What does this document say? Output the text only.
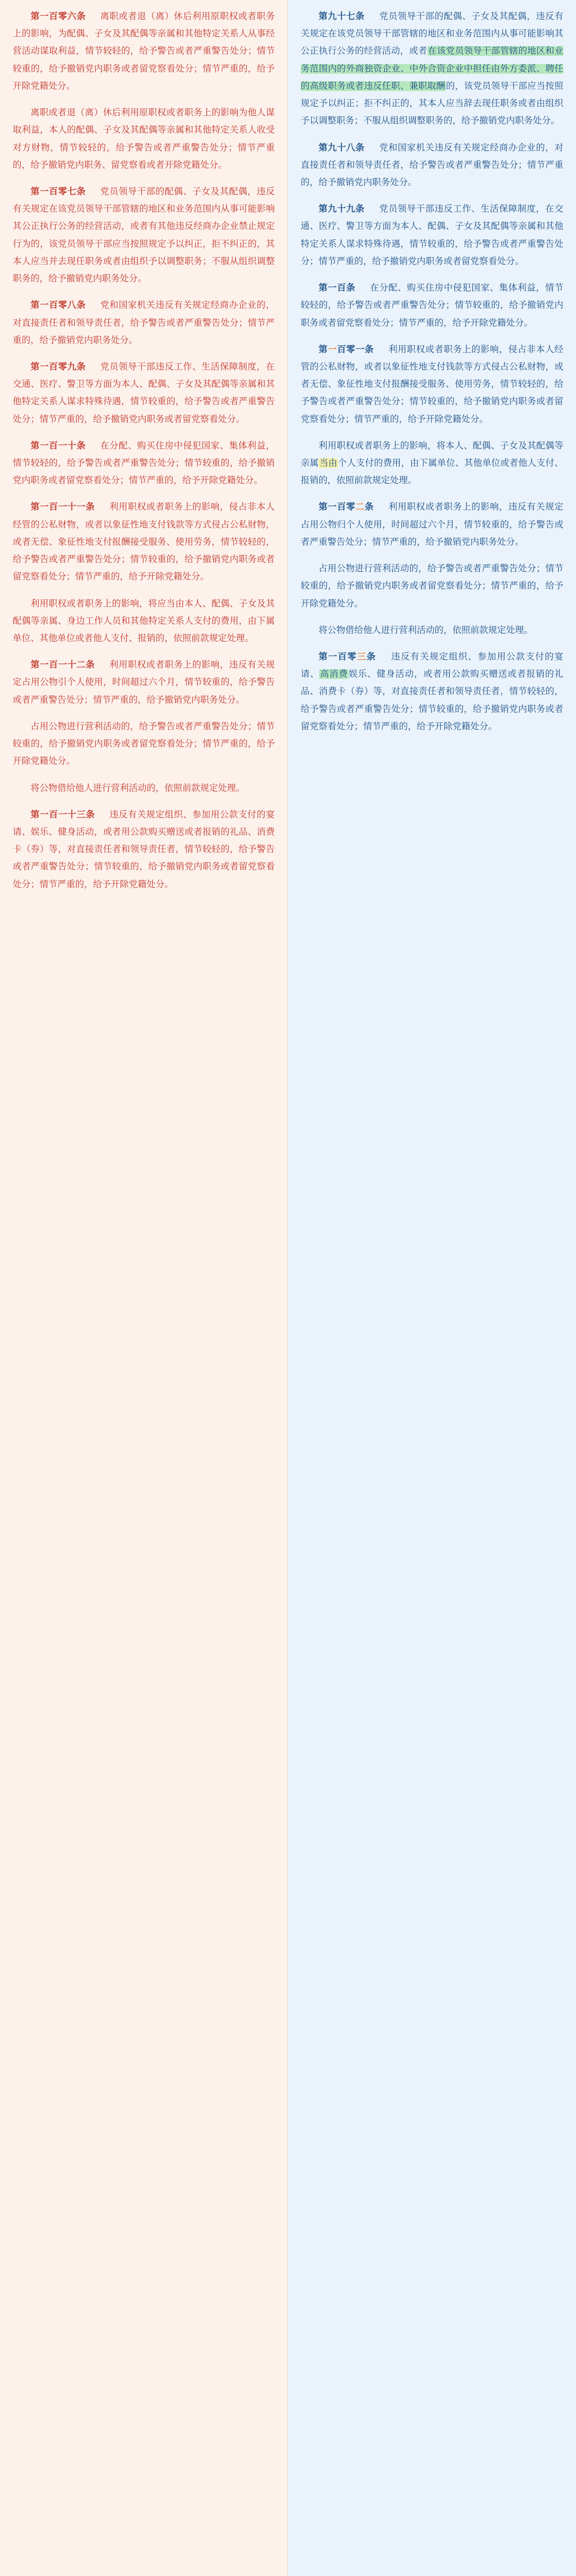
第一百零六条 离职或者退（离）休后利用原职权或者职务上的影响，为配偶、子女及其配偶等亲属和其他特定关系人从事经营活动谋取利益，情节较轻的，给予警告或者严重警告处分；情节较重的，给予撤销党内职务或者留党察看处分；情节严重的，给予开除党籍处分。

离职或者退（离）休后利用原职权或者职务上的影响为他人谋取利益，本人的配偶、子女及其配偶等亲属和其他特定关系人收受对方财物，情节较轻的，给予警告或者严重警告处分；情节严重的，给予撤销党内职务、留党察看或者开除党籍处分。

第一百零七条 党员领导干部的配偶、子女及其配偶，违反有关规定在该党员领导干部管辖的地区和业务范围内从事可能影响其公正执行公务的经营活动，或者有其他违反经商办企业禁止规定行为的，该党员领导干部应当按照规定予以纠正，拒不纠正的，其本人应当并去现任职务或者由组织予以调整职务；不服从组织调整职务的，给予撤销党内职务处分。

第一百零八条 党和国家机关违反有关规定经商办企业的，对直接责任者和领导责任者，给予警告或者严重警告处分；情节严重的，给予撤销党内职务处分。

第一百零九条 党员领导干部违反工作、生活保障制度，在交通、医疗、警卫等方面为本人、配偶、子女及其配偶等亲属和其他特定关系人谋求特殊待遇，情节较重的，给予警告或者严重警告处分；情节严重的，给予撤销党内职务或者留党察看处分。

第一百一十条 在分配、购买住房中侵犯国家、集体利益，情节较轻的，给予警告或者严重警告处分；情节较重的，给予撤销党内职务或者留党察看处分；情节严重的，给予开除党籍处分。

第一百一十一条 利用职权或者职务上的影响，侵占非本人经管的公私财物，或者以象征性地支付钱款等方式侵占公私财物，或者无偿、象征性地支付报酬接受服务、使用劳务，情节较轻的，给予警告或者严重警告处分；情节较重的，给予撤销党内职务或者留党察看处分；情节严重的，给予开除党籍处分。

利用职权或者职务上的影响，将应当由本人、配偶、子女及其配偶等亲属、身边工作人员和其他特定关系人支付的费用，由下属单位、其他单位或者他人支付、报销的，依照前款规定处理。

第一百一十二条 利用职权或者职务上的影响，违反有关规定占用公物引个人使用，时间超过六个月，情节较重的，给予警告或者严重警告处分；情节严重的，给予撤销党内职务处分。

占用公物进行营利活动的，给予警告或者严重警告处分；情节较重的，给予撤销党内职务或者留党察看处分；情节严重的，给予开除党籍处分。

将公物借给他人进行营利活动的，依照前款规定处理。

第一百一十三条 违反有关规定组织、参加用公款支付的宴请、娱乐、健身活动，或者用公款购买赠送或者报销的礼品、消费卡（券）等，对直接责任者和领导责任者，情节较轻的，给予警告或者严重警告处分；情节较重的，给予撤销党内职务或者留党察看处分；情节严重的，给予开除党籍处分。

第九十七条 党员领导干部的配偶、子女及其配偶，违反有关规定在该党员领导干部管辖的地区和业务范围内从事可能影响其公正执行公务的经营活动，或者在该党员领导干部管辖的地区和业务范围内的外商独资企业、中外合资企业中担任由外方委派、聘任的高级职务或者违反任职、兼职取酬的，该党员领导干部应当按照规定予以纠正；拒不纠正的，其本人应当辞去现任职务或者由组织予以调整职务；不服从组织调整职务的，给予撤销党内职务处分。

第九十八条 党和国家机关违反有关规定经商办企业的，对直接责任者和领导责任者，给予警告或者严重警告处分；情节严重的，给予撤销党内职务处分。

第九十九条 党员领导干部违反工作、生活保障制度，在交通、医疗、警卫等方面为本人、配偶、子女及其配偶等亲属和其他特定关系人谋求特殊待遇，情节较重的，给予警告或者严重警告处分；情节严重的，给予撤销党内职务或者留党察看处分。

第一百条 在分配、购买住房中侵犯国家、集体利益，情节较轻的，给予警告或者严重警告处分；情节较重的，给予撤销党内职务或者留党察看处分；情节严重的，给予开除党籍处分。

第一百零一条 利用职权或者职务上的影响，侵占非本人经管的公私财物，或者以象征性地支付钱款等方式侵占公私财物，或者无偿、象征性地支付报酬接受服务、使用劳务，情节较轻的，给予警告或者严重警告处分；情节较重的，给予撤销党内职务或者留党察看处分；情节严重的，给予开除党籍处分。

利用职权或者职务上的影响，将本人、配偶、子女及其配偶等亲属当由个人支付的费用，由下属单位、其他单位或者他人支付、报销的，依照前款规定处理。

第一百零二条 利用职权或者职务上的影响，违反有关规定占用公物归个人使用，时间超过六个月，情节较重的，给予警告或者严重警告处分；情节严重的，给予撤销党内职务处分。

占用公物进行营利活动的，给予警告或者严重警告处分；情节较重的，给予撤销党内职务或者留党察看处分；情节严重的，给予开除党籍处分。

将公物借给他人进行营利活动的，依照前款规定处理。

第一百零三条 违反有关规定组织、参加用公款支付的宴请、高消费娱乐、健身活动，或者用公款购买赠送或者报销的礼品、消费卡（券）等，对直接责任者和领导责任者，情节较轻的，给予警告或者严重警告处分；情节较重的，给予撤销党内职务或者留党察看处分；情节严重的，给予开除党籍处分。
